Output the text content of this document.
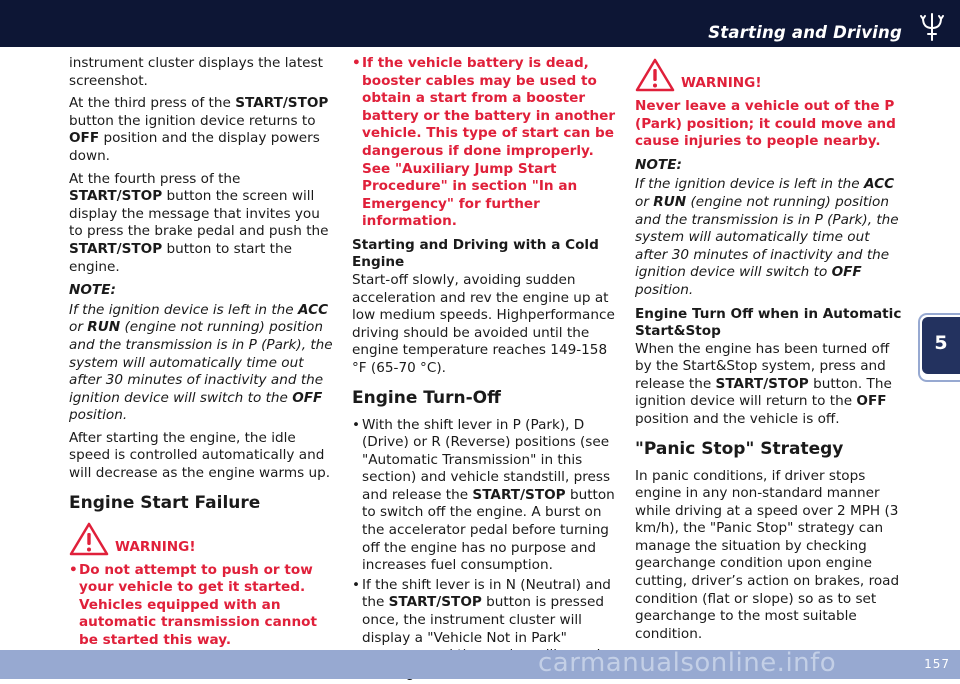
Starting and Driving
5

instrument cluster displays the latest screenshot.

At the third press of the START/STOP button the ignition device returns to OFF position and the display powers down.

At the fourth press of the START/STOP button the screen will display the message that invites you to press the brake pedal and push the START/STOP button to start the engine.

NOTE:

If the ignition device is left in the ACC or RUN (engine not running) position and the transmission is in P (Park), the system will automatically time out after 30 minutes of inactivity and the ignition device will switch to the OFF position.

After starting the engine, the idle speed is controlled automatically and will decrease as the engine warms up.

Engine Start Failure
WARNING!
• Do not attempt to push or tow your vehicle to get it started. Vehicles equipped with an automatic transmission cannot be started this way.
• If the vehicle battery is dead, booster cables may be used to obtain a start from a booster battery or the battery in another vehicle. This type of start can be dangerous if done improperly. See "Auxiliary Jump Start Procedure" in section "In an Emergency" for further information.
Starting and Driving with a Cold Engine

Start-off slowly, avoiding sudden acceleration and rev the engine up at low medium speeds. Highperformance driving should be avoided until the engine temperature reaches 149-158 °F (65-70 °C).

Engine Turn-Off
• With the shift lever in P (Park), D (Drive) or R (Reverse) positions (see "Automatic Transmission" in this section) and vehicle standstill, press and release the START/STOP button to switch off the engine. A burst on the accelerator pedal before turning off the engine has no purpose and increases fuel consumption.
• If the shift lever is in N (Neutral) and the START/STOP button is pressed once, the instrument cluster will display a "Vehicle Not in Park"
WARNING!

Never leave a vehicle out of the P (Park) position; it could move and cause injuries to people nearby.

NOTE:

If the ignition device is left in the ACC or RUN (engine not running) position and the transmission is in P (Park), the system will automatically time out after 30 minutes of inactivity and the ignition device will switch to OFF position.

Engine Turn Off when in Automatic Start&Stop

When the engine has been turned off by the Start&Stop system, press and release the START/STOP button. The ignition device will return to the OFF position and the vehicle is off.

"Panic Stop" Strategy

In panic conditions, if driver stops engine in any non-standard manner while driving at a speed over 2 MPH (3 km/h), the "Panic Stop" strategy can manage the situation by checking gearchange condition upon engine cutting, driver’s action on brakes, road condition (flat or slope) so as to set gearchange to the most suitable condition.

157
carmanualsonline.info
